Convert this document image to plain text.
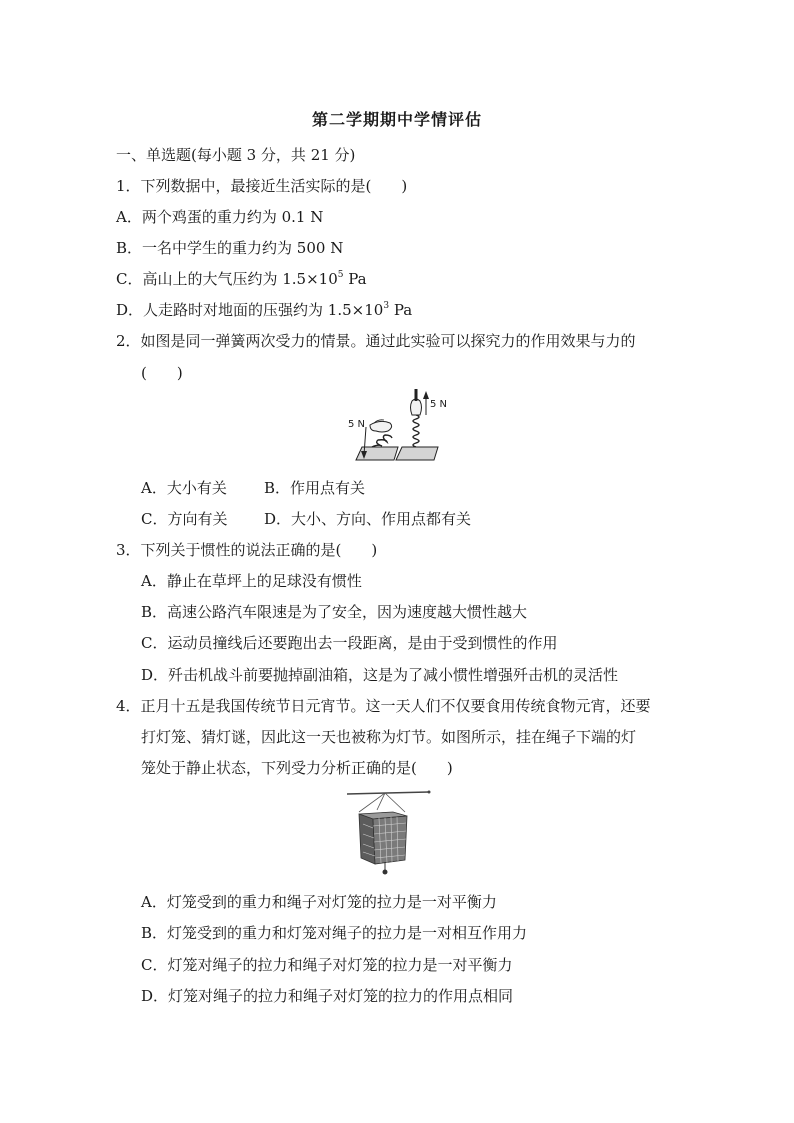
第二学期期中学情评估
一、单选题(每小题 3 分，共 21 分)
1．下列数据中，最接近生活实际的是(　　)
A．两个鸡蛋的重力约为 0.1 N
B．一名中学生的重力约为 500 N
C．高山上的大气压约为 $1.5\times 10^5$ Pa
D．人走路时对地面的压强约为 $1.5\times 10^3$ Pa
2．如图是同一弹簧两次受力的情景。通过此实验可以探究力的作用效果与力的
(　　)
5 N
5 N
A．大小有关 B．作用点有关
C．方向有关 D．大小、方向、作用点都有关
3．下列关于惯性的说法正确的是(　　)
A．静止在草坪上的足球没有惯性
B．高速公路汽车限速是为了安全，因为速度越大惯性越大
C．运动员撞线后还要跑出去一段距离，是由于受到惯性的作用
D．歼击机战斗前要抛掉副油箱，这是为了减小惯性增强歼击机的灵活性
4．正月十五是我国传统节日元宵节。这一天人们不仅要食用传统食物元宵，还要
打灯笼、猜灯谜，因此这一天也被称为灯节。如图所示，挂在绳子下端的灯
笼处于静止状态，下列受力分析正确的是(　　)
A．灯笼受到的重力和绳子对灯笼的拉力是一对平衡力
B．灯笼受到的重力和灯笼对绳子的拉力是一对相互作用力
C．灯笼对绳子的拉力和绳子对灯笼的拉力是一对平衡力
D．灯笼对绳子的拉力和绳子对灯笼的拉力的作用点相同
